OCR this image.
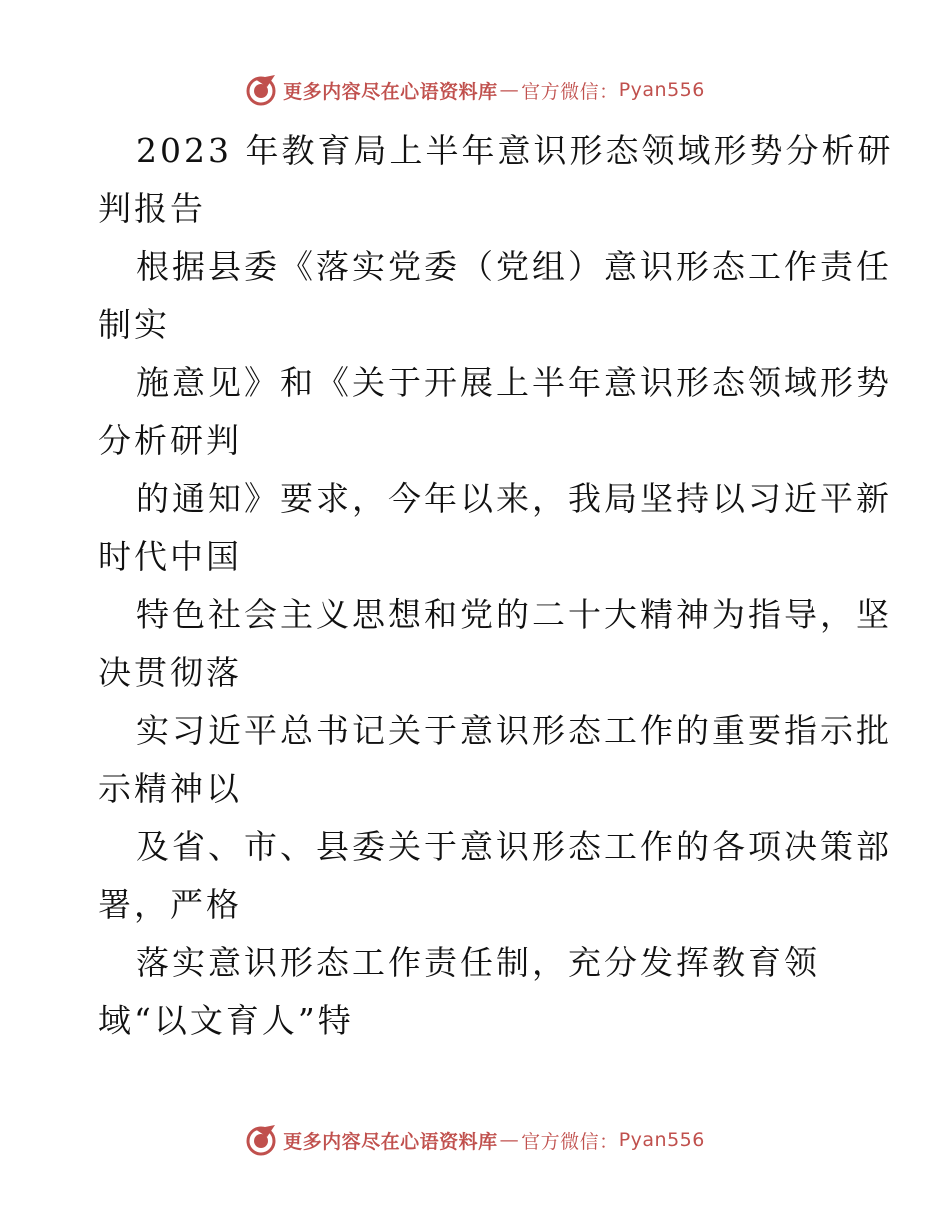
更多内容尽在心语资料库 — 官方微信： Pyan556
2023 年教育局上半年意识形态领域形势分析研
判报告
根据县委《落实党委（党组）意识形态工作责任
制实
施意见》和《关于开展上半年意识形态领域形势
分析研判
的通知》要求，今年以来，我局坚持以习近平新
时代中国
特色社会主义思想和党的二十大精神为指导，坚
决贯彻落
实习近平总书记关于意识形态工作的重要指示批
示精神以
及省、市、县委关于意识形态工作的各项决策部
署，严格
落实意识形态工作责任制，充分发挥教育领
域“以文育人”特
更多内容尽在心语资料库 — 官方微信： Pyan556
